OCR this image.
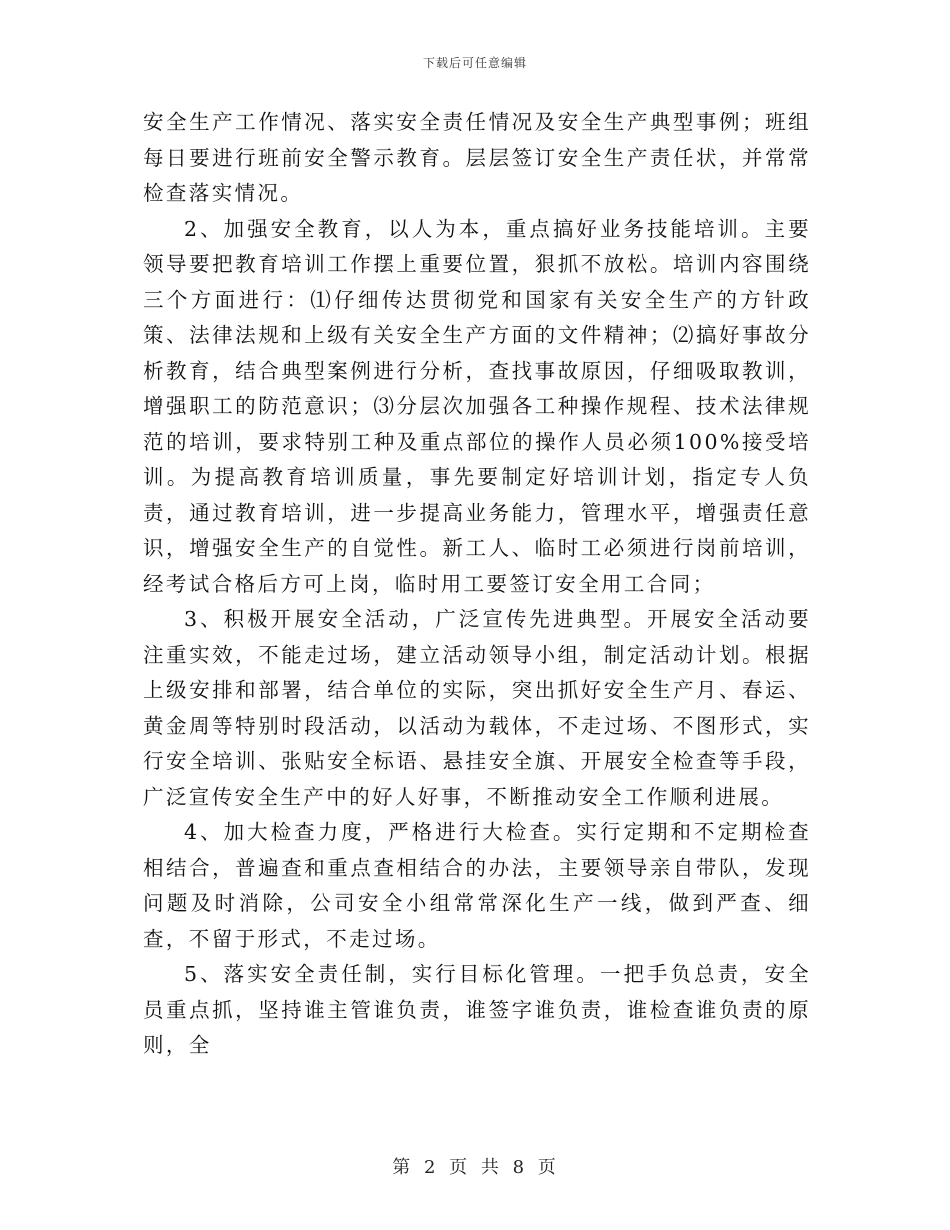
下载后可任意编辑

安全生产工作情况、落实安全责任情况及安全生产典型事例；班组每日要进行班前安全警示教育。层层签订安全生产责任状，并常常检查落实情况。

2、加强安全教育，以人为本，重点搞好业务技能培训。主要领导要把教育培训工作摆上重要位置，狠抓不放松。培训内容围绕三个方面进行：⑴仔细传达贯彻党和国家有关安全生产的方针政策、法律法规和上级有关安全生产方面的文件精神；⑵搞好事故分析教育，结合典型案例进行分析，查找事故原因，仔细吸取教训，增强职工的防范意识；⑶分层次加强各工种操作规程、技术法律规范的培训，要求特别工种及重点部位的操作人员必须100%接受培训。为提高教育培训质量，事先要制定好培训计划，指定专人负责，通过教育培训，进一步提高业务能力，管理水平，增强责任意识，增强安全生产的自觉性。新工人、临时工必须进行岗前培训，经考试合格后方可上岗，临时用工要签订安全用工合同；

3、积极开展安全活动，广泛宣传先进典型。开展安全活动要注重实效，不能走过场，建立活动领导小组，制定活动计划。根据上级安排和部署，结合单位的实际，突出抓好安全生产月、春运、黄金周等特别时段活动，以活动为载体，不走过场、不图形式，实行安全培训、张贴安全标语、悬挂安全旗、开展安全检查等手段，广泛宣传安全生产中的好人好事，不断推动安全工作顺利进展。

4、加大检查力度，严格进行大检查。实行定期和不定期检查相结合，普遍查和重点查相结合的办法，主要领导亲自带队，发现问题及时消除，公司安全小组常常深化生产一线，做到严查、细查，不留于形式，不走过场。

5、落实安全责任制，实行目标化管理。一把手负总责，安全员重点抓，坚持谁主管谁负责，谁签字谁负责，谁检查谁负责的原则，全

第 2 页 共 8 页
